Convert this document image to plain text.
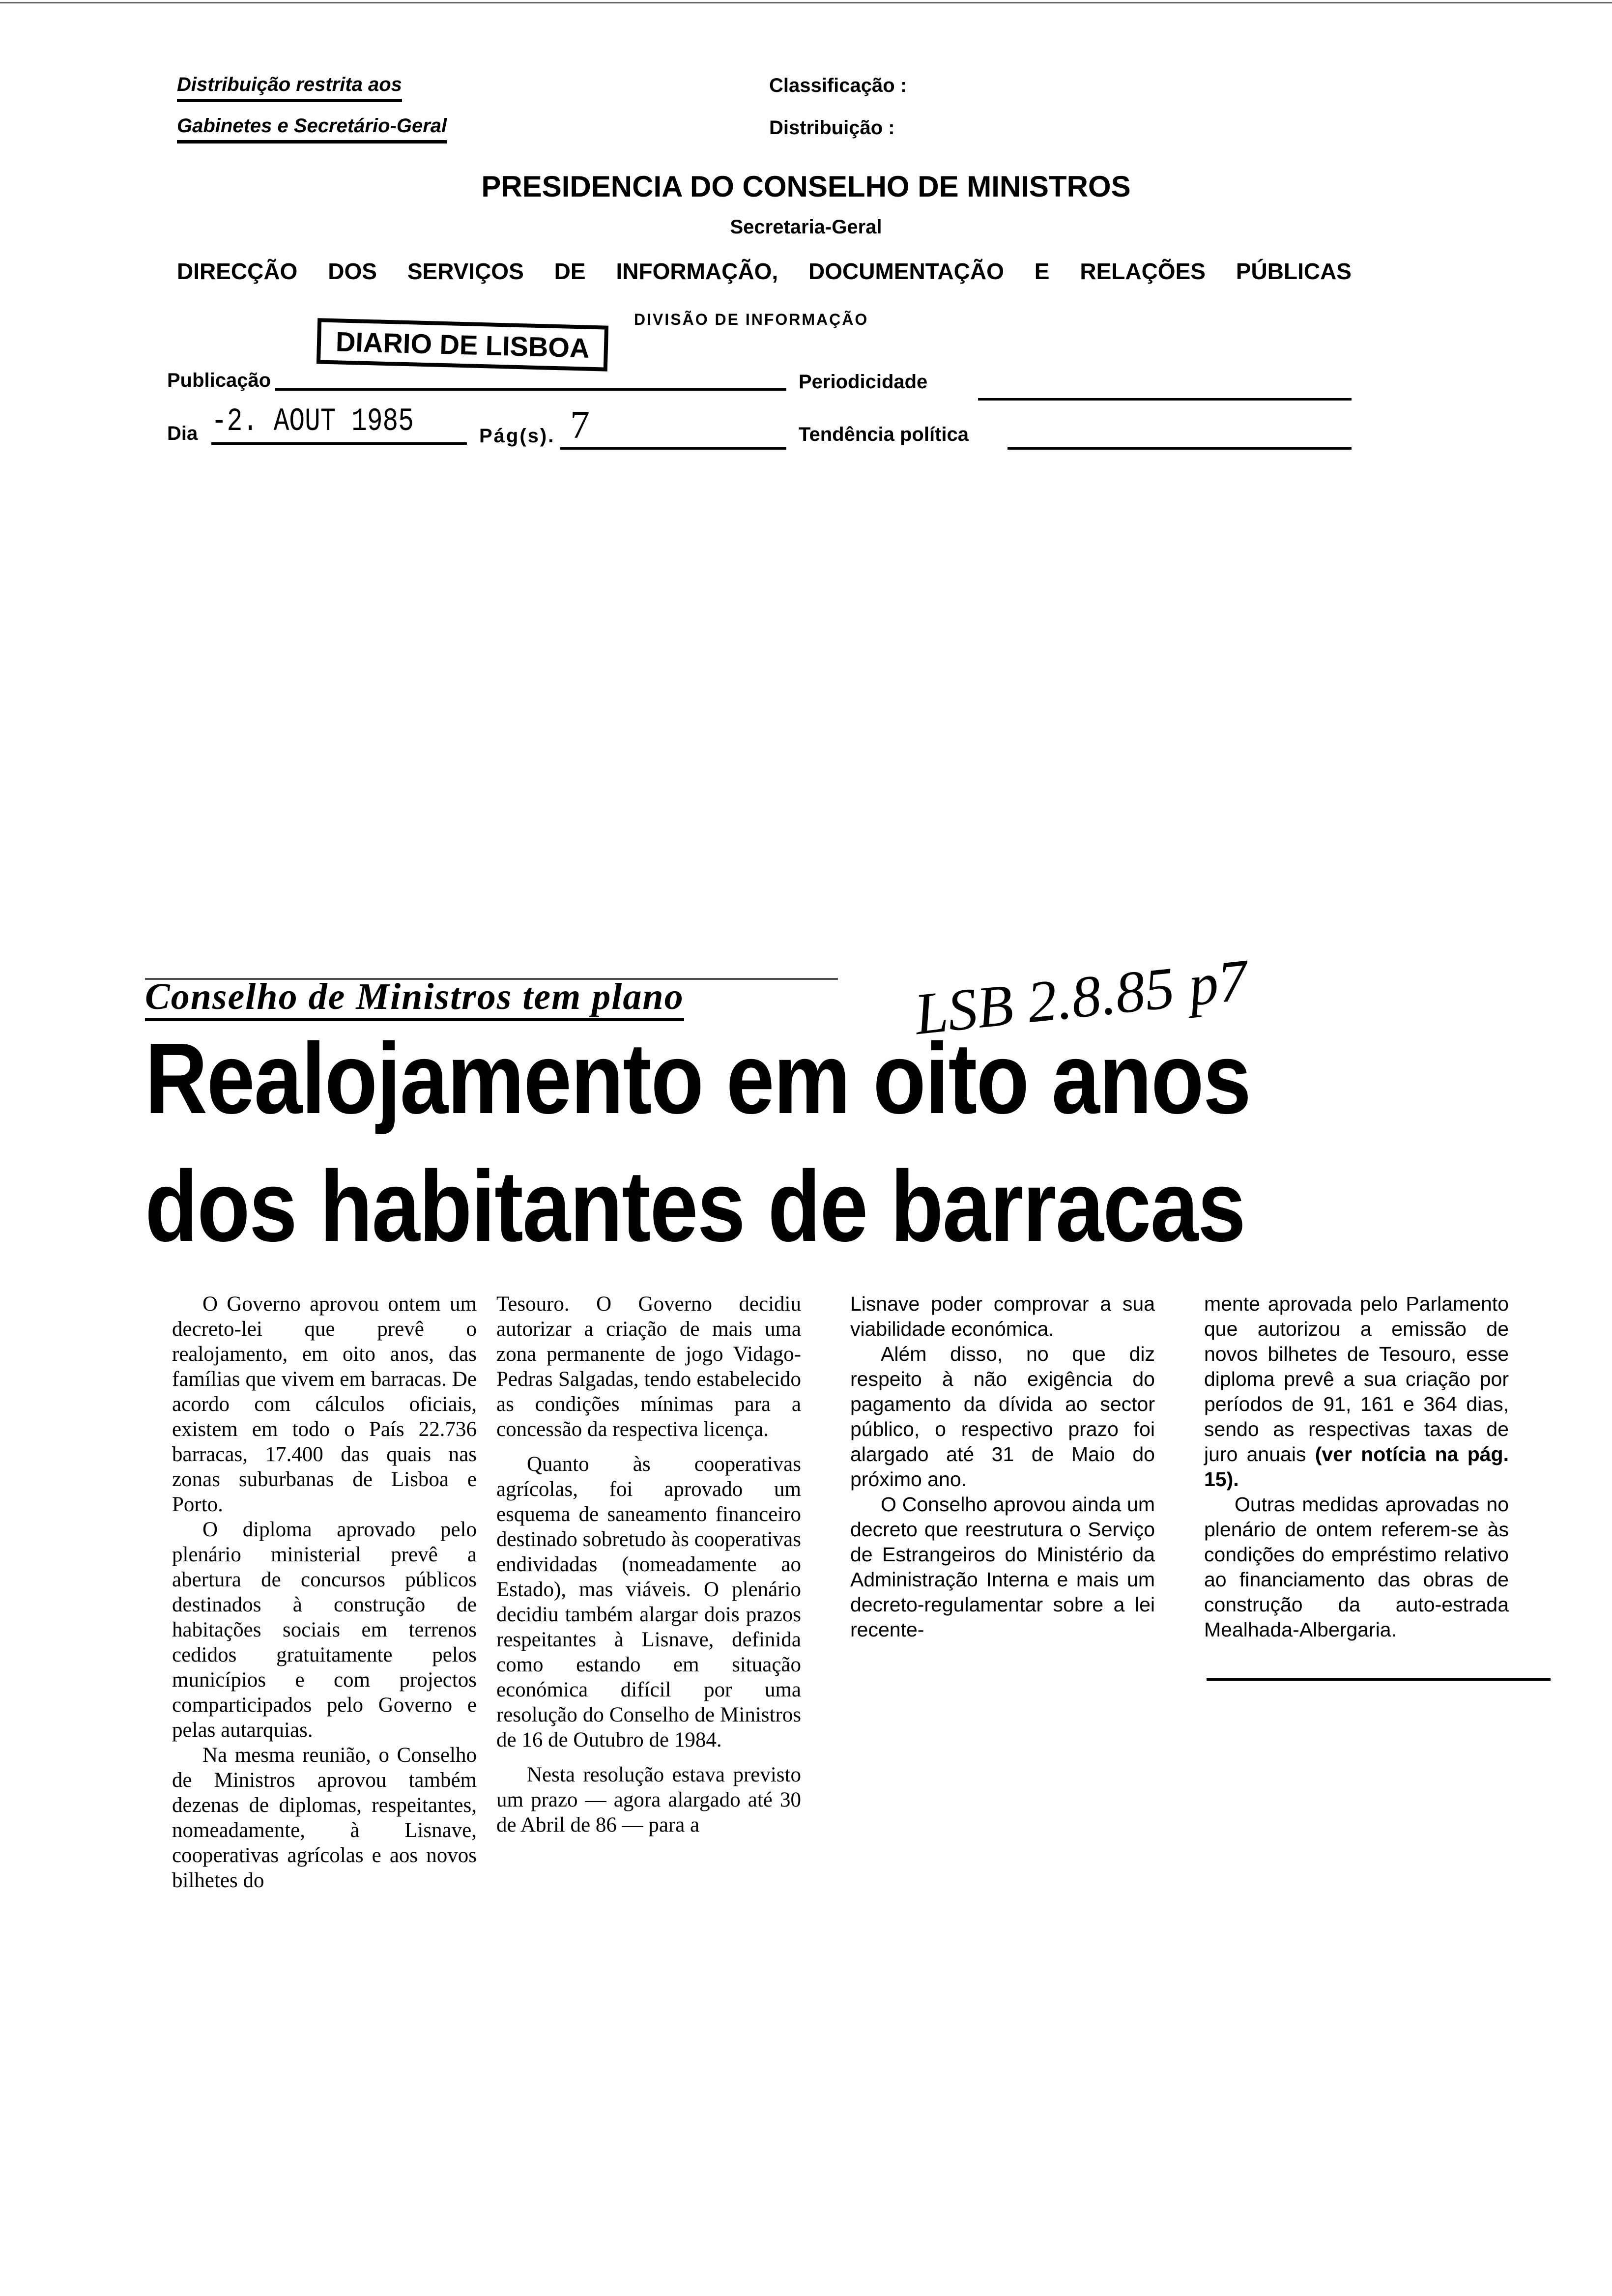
Distribuição restrita aos
Gabinetes e Secretário-Geral
Classificação :
Distribuição :
PRESIDENCIA DO CONSELHO DE MINISTROS
Secretaria-Geral
DIRECÇÃO DOS SERVIÇOS DE INFORMAÇÃO, DOCUMENTAÇÃO E RELAÇÕES PÚBLICAS
DIVISÃO DE INFORMAÇÃO
DIARIO DE LISBOA
Publicação	Periodicidade
Dia -2. AOUT 1985	Pág(s). 7	Tendência política
Conselho de Ministros tem plano	LSB 2.8.85 p7
Realojamento em oito anos
dos habitantes de barracas

O Governo aprovou ontem um decreto-lei que prevê o realojamento, em oito anos, das famílias que vivem em barracas. De acordo com cálculos oficiais, existem em todo o País 22.736 barracas, 17.400 das quais nas zonas suburbanas de Lisboa e Porto.

O diploma aprovado pelo plenário ministerial prevê a abertura de concursos públicos destinados à construção de habitações sociais em terrenos cedidos gratuitamente pelos municípios e com projectos comparticipados pelo Governo e pelas autarquias.

Na mesma reunião, o Conselho de Ministros aprovou também dezenas de diplomas, respeitantes, nomeadamente, à Lisnave, cooperativas agrícolas e aos novos bilhetes do

Tesouro. O Governo decidiu autorizar a criação de mais uma zona permanente de jogo Vidago-Pedras Salgadas, tendo estabelecido as condições mínimas para a concessão da respectiva licença.

Quanto às cooperativas agrícolas, foi aprovado um esquema de saneamento financeiro destinado sobretudo às cooperativas endividadas (nomeadamente ao Estado), mas viáveis. O plenário decidiu também alargar dois prazos respeitantes à Lisnave, definida como estando em situação económica difícil por uma resolução do Conselho de Ministros de 16 de Outubro de 1984.

Nesta resolução estava previsto um prazo — agora alargado até 30 de Abril de 86 — para a

Lisnave poder comprovar a sua viabilidade económica.

Além disso, no que diz respeito à não exigência do pagamento da dívida ao sector público, o respectivo prazo foi alargado até 31 de Maio do próximo ano.

O Conselho aprovou ainda um decreto que reestrutura o Serviço de Estrangeiros do Ministério da Administração Interna e mais um decreto-regulamentar sobre a lei recente-

mente aprovada pelo Parlamento que autorizou a emissão de novos bilhetes de Tesouro, esse diploma prevê a sua criação por períodos de 91, 161 e 364 dias, sendo as respectivas taxas de juro anuais (ver notícia na pág. 15).

Outras medidas aprovadas no plenário de ontem referem-se às condições do empréstimo relativo ao financiamento das obras de construção da auto-estrada Mealhada-Albergaria.
